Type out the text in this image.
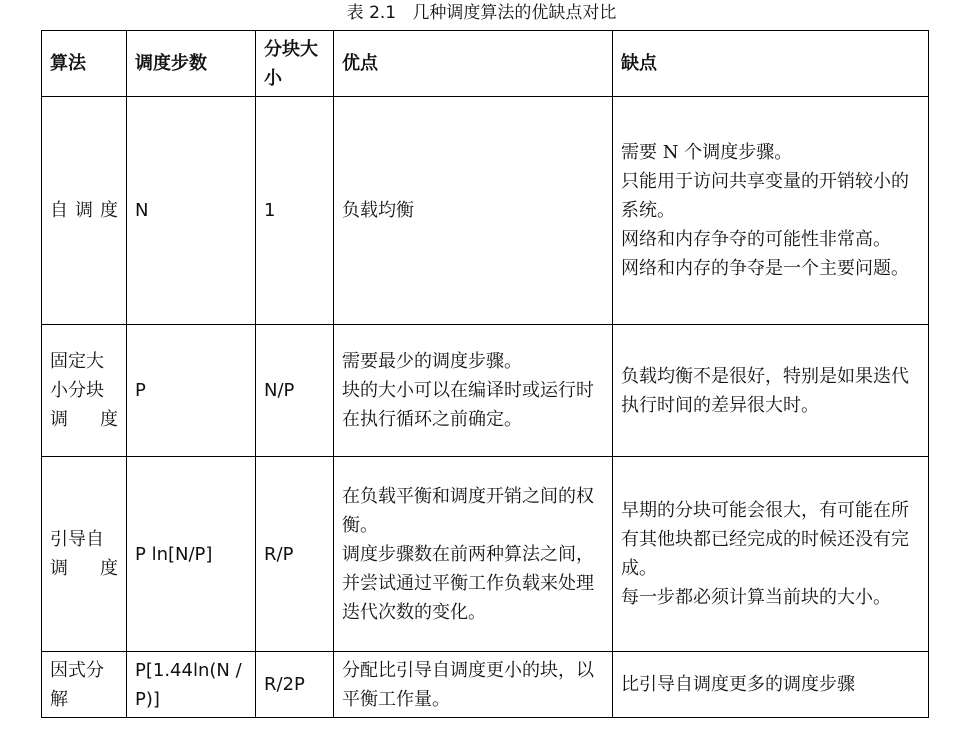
表 2.1 几种调度算法的优缺点对比
算法	调度步数	分块大小	优点	缺点
自调度	N	1	负载均衡	需要 N 个调度步骤。
只能用于访问共享变量的开销较小的系统。
网络和内存争夺的可能性非常高。
网络和内存的争夺是一个主要问题。

固定大小分块调度	P	N/P	需要最少的调度步骤。
块的大小可以在编译时或运行时在执行循环之前确定。	负载均衡不是很好，特别是如果迭代执行时间的差异很大时。

引导自调度	P ln[N/P]	R/P	在负载平衡和调度开销之间的权衡。
调度步骤数在前两种算法之间，并尝试通过平衡工作负载来处理迭代次数的变化。	早期的分块可能会很大，有可能在所有其他块都已经完成的时候还没有完成。
每一步都必须计算当前块的大小。

因式分解	P[1.44ln(N / P)]	R/2P	分配比引导自调度更小的块，以平衡工作量。	比引导自调度更多的调度步骤
